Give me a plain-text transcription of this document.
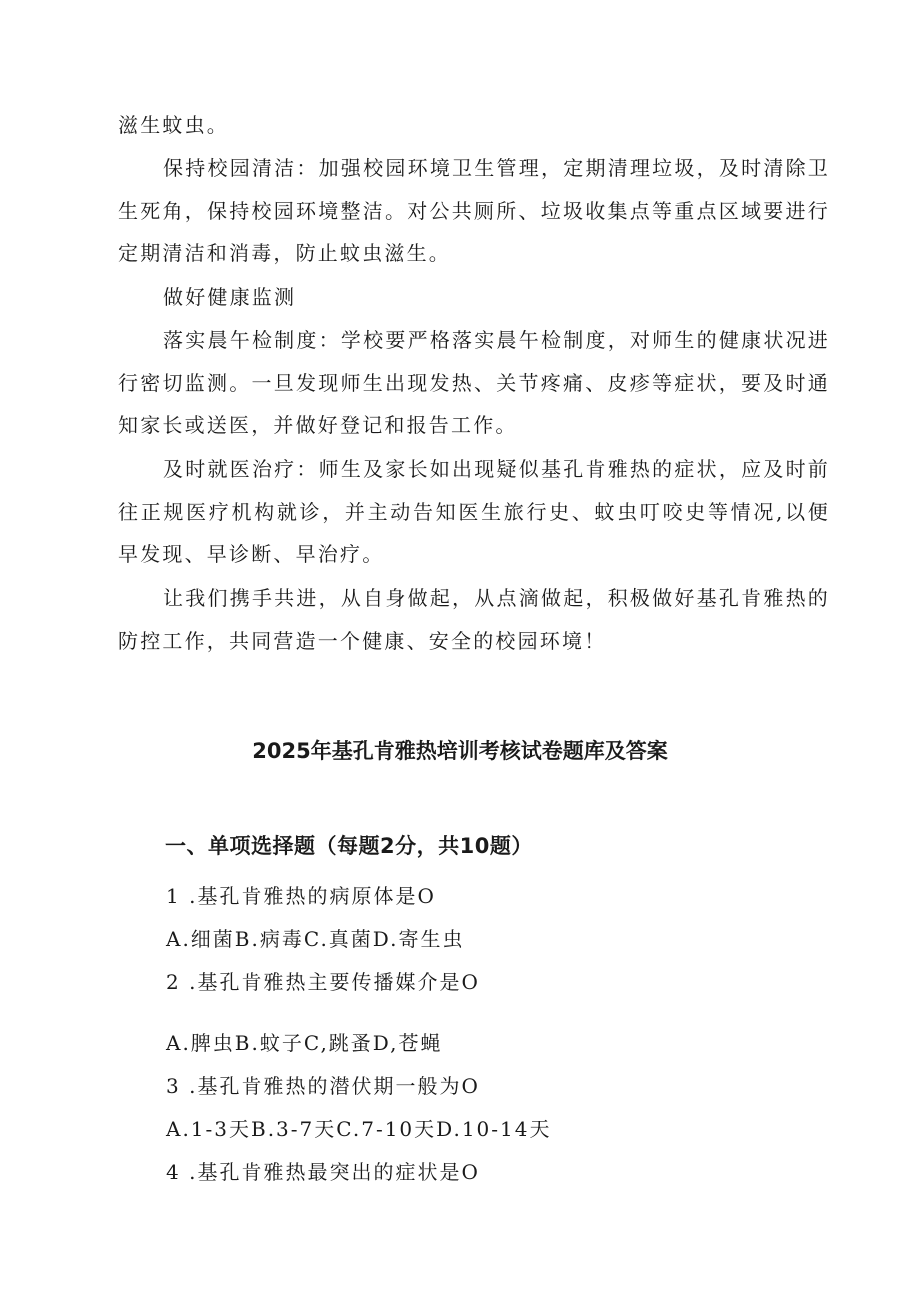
滋生蚊虫。

保持校园清洁：加强校园环境卫生管理，定期清理垃圾，及时清除卫生死角，保持校园环境整洁。对公共厕所、垃圾收集点等重点区域要进行定期清洁和消毒，防止蚊虫滋生。

做好健康监测

落实晨午检制度：学校要严格落实晨午检制度，对师生的健康状况进行密切监测。一旦发现师生出现发热、关节疼痛、皮疹等症状，要及时通知家长或送医，并做好登记和报告工作。

及时就医治疗：师生及家长如出现疑似基孔肯雅热的症状，应及时前往正规医疗机构就诊，并主动告知医生旅行史、蚊虫叮咬史等情况,以便早发现、早诊断、早治疗。

让我们携手共进，从自身做起，从点滴做起，积极做好基孔肯雅热的防控工作，共同营造一个健康、安全的校园环境！

2025年基孔肯雅热培训考核试卷题库及答案
一、单项选择题（每题2分，共10题）

1 .基孔肯雅热的病原体是O

A.细菌B.病毒C.真菌D.寄生虫

2 .基孔肯雅热主要传播媒介是O

A.脾虫B.蚊子C,跳蚤D,苍蝇

3 .基孔肯雅热的潜伏期一般为O

A.1-3天B.3-7天C.7-10天D.10-14天

4 .基孔肯雅热最突出的症状是O
